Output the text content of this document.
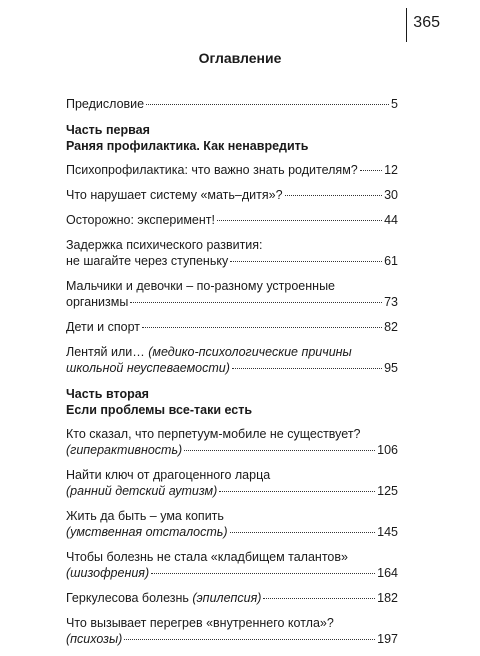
365
Оглавление
Предисловие	5
Часть первая
Раняя профилактика. Как ненавредить
Психопрофилактика: что важно знать родителям? 12
Что нарушает систему «мать–дитя»?	30
Осторожно: эксперимент!	44
Задержка психического развития:
не шагайте через ступеньку	61
Мальчики и девочки – по-разному устроенные
организмы	73
Дети и спорт	82
Лентяй или… (медико-психологические причины
школьной неуспеваемости)	95
Часть вторая
Если проблемы все-таки есть
Кто сказал, что перпетуум-мобиле не существует?
(гиперактивность)	106
Найти ключ от драгоценного ларца
(ранний детский аутизм)	125
Жить да быть – ума копить
(умственная отсталость)	145
Чтобы болезнь не стала «кладбищем талантов»
(шизофрения)	164
Геркулесова болезнь (эпилепсия)	182
Что вызывает перегрев «внутреннего котла»?
(психозы)	197
